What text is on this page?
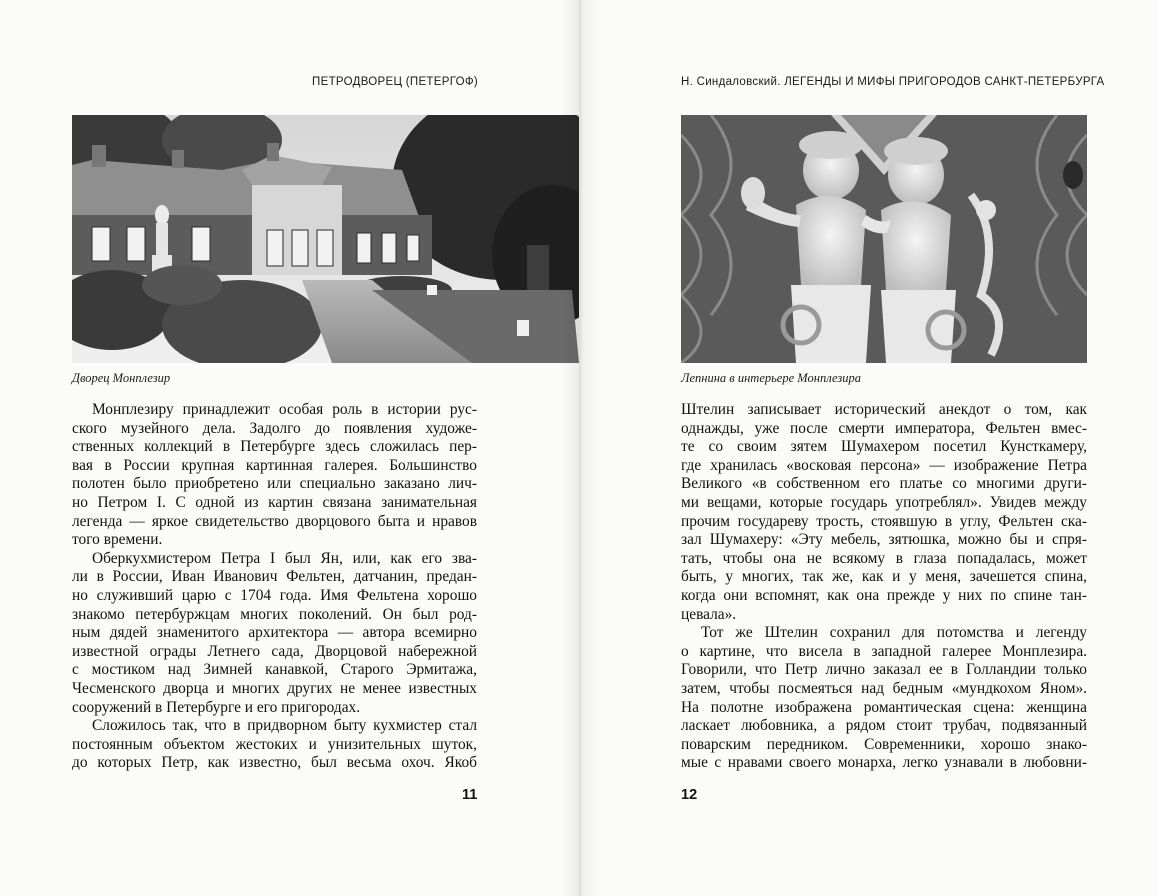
ПЕТРОДВОРЕЦ (ПЕТЕРГОФ)
Дворец Монплезир
Монплезиру принадлежит особая роль в истории рус-
ского музейного дела. Задолго до появления художе-
ственных коллекций в Петербурге здесь сложилась пер-
вая в России крупная картинная галерея. Большинство
полотен было приобретено или специально заказано лич-
но Петром I. С одной из картин связана занимательная
легенда — яркое свидетельство дворцового быта и нравов
того времени.
Оберкухмистером Петра I был Ян, или, как его зва-
ли в России, Иван Иванович Фельтен, датчанин, предан-
но служивший царю с 1704 года. Имя Фельтена хорошо
знакомо петербуржцам многих поколений. Он был род-
ным дядей знаменитого архитектора — автора всемирно
известной ограды Летнего сада, Дворцовой набережной
с мостиком над Зимней канавкой, Старого Эрмитажа,
Чесменского дворца и многих других не менее известных
сооружений в Петербурге и его пригородах.
Сложилось так, что в придворном быту кухмистер стал
постоянным объектом жестоких и унизительных шуток,
до которых Петр, как известно, был весьма охоч. Якоб
11
Н. Синдаловский. ЛЕГЕНДЫ И МИФЫ ПРИГОРОДОВ САНКТ-ПЕТЕРБУРГА
Лепнина в интерьере Монплезира
Штелин записывает исторический анекдот о том, как
однажды, уже после смерти императора, Фельтен вмес-
те со своим зятем Шумахером посетил Кунсткамеру,
где хранилась «восковая персона» — изображение Петра
Великого «в собственном его платье со многими други-
ми вещами, которые государь употреблял». Увидев между
прочим государеву трость, стоявшую в углу, Фельтен ска-
зал Шумахеру: «Эту мебель, зятюшка, можно бы и спря-
тать, чтобы она не всякому в глаза попадалась, может
быть, у многих, так же, как и у меня, зачешется спина,
когда они вспомнят, как она прежде у них по спине тан-
цевала».
Тот же Штелин сохранил для потомства и легенду
о картине, что висела в западной галерее Монплезира.
Говорили, что Петр лично заказал ее в Голландии только
затем, чтобы посмеяться над бедным «мундкохом Яном».
На полотне изображена романтическая сцена: женщина
ласкает любовника, а рядом стоит трубач, подвязанный
поварским передником. Современники, хорошо знако-
мые с нравами своего монарха, легко узнавали в любовни-
12
